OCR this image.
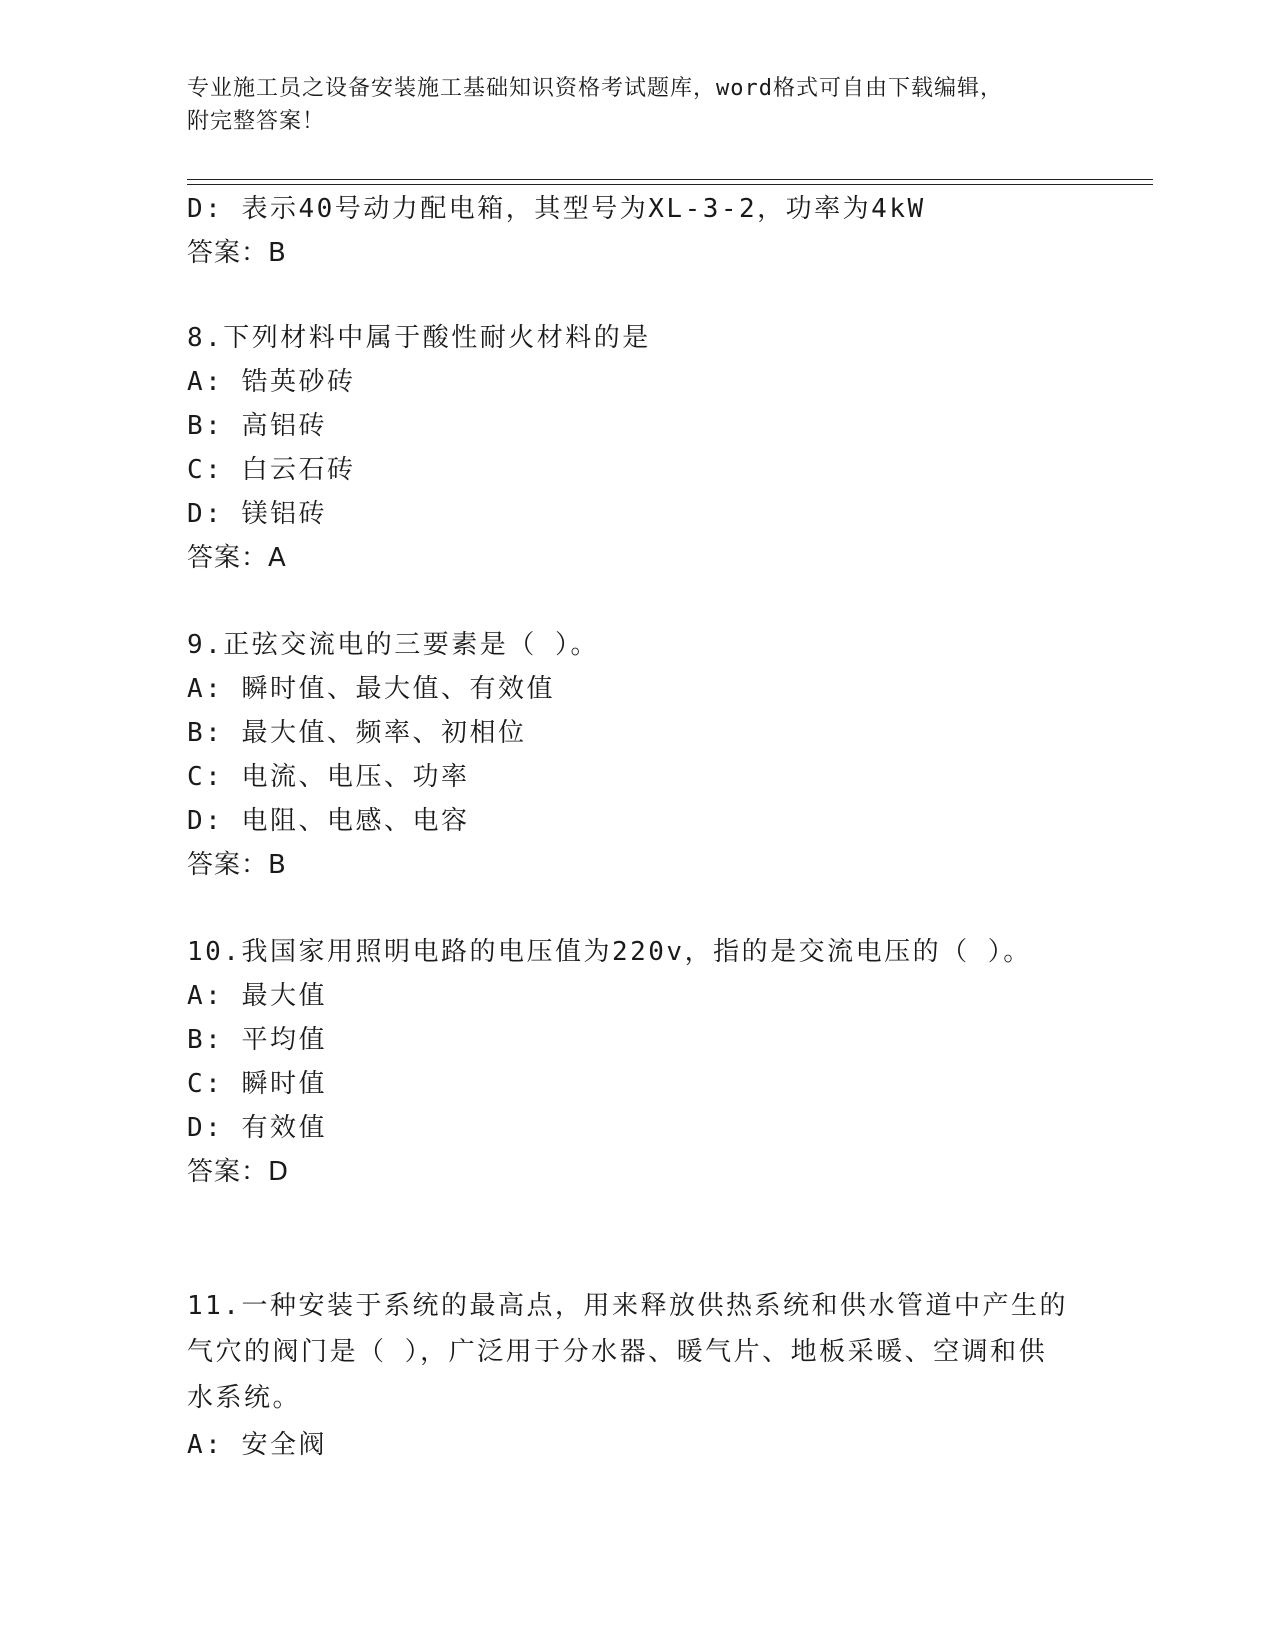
专业施工员之设备安装施工基础知识资格考试题库，word格式可自由下载编辑，
附完整答案！
D: 表示40号动力配电箱，其型号为XL-3-2，功率为4kW
答案：B
8.下列材料中属于酸性耐火材料的是
A: 锆英砂砖
B: 高铝砖
C: 白云石砖
D: 镁铝砖
答案：A
9.正弦交流电的三要素是（ ）。
A: 瞬时值、最大值、有效值
B: 最大值、频率、初相位
C: 电流、电压、功率
D: 电阻、电感、电容
答案：B
10.我国家用照明电路的电压值为220v，指的是交流电压的（ ）。
A: 最大值
B: 平均值
C: 瞬时值
D: 有效值
答案：D
11.一种安装于系统的最高点，用来释放供热系统和供水管道中产生的
气穴的阀门是（ ），广泛用于分水器、暖气片、地板采暖、空调和供
水系统。
A: 安全阀
